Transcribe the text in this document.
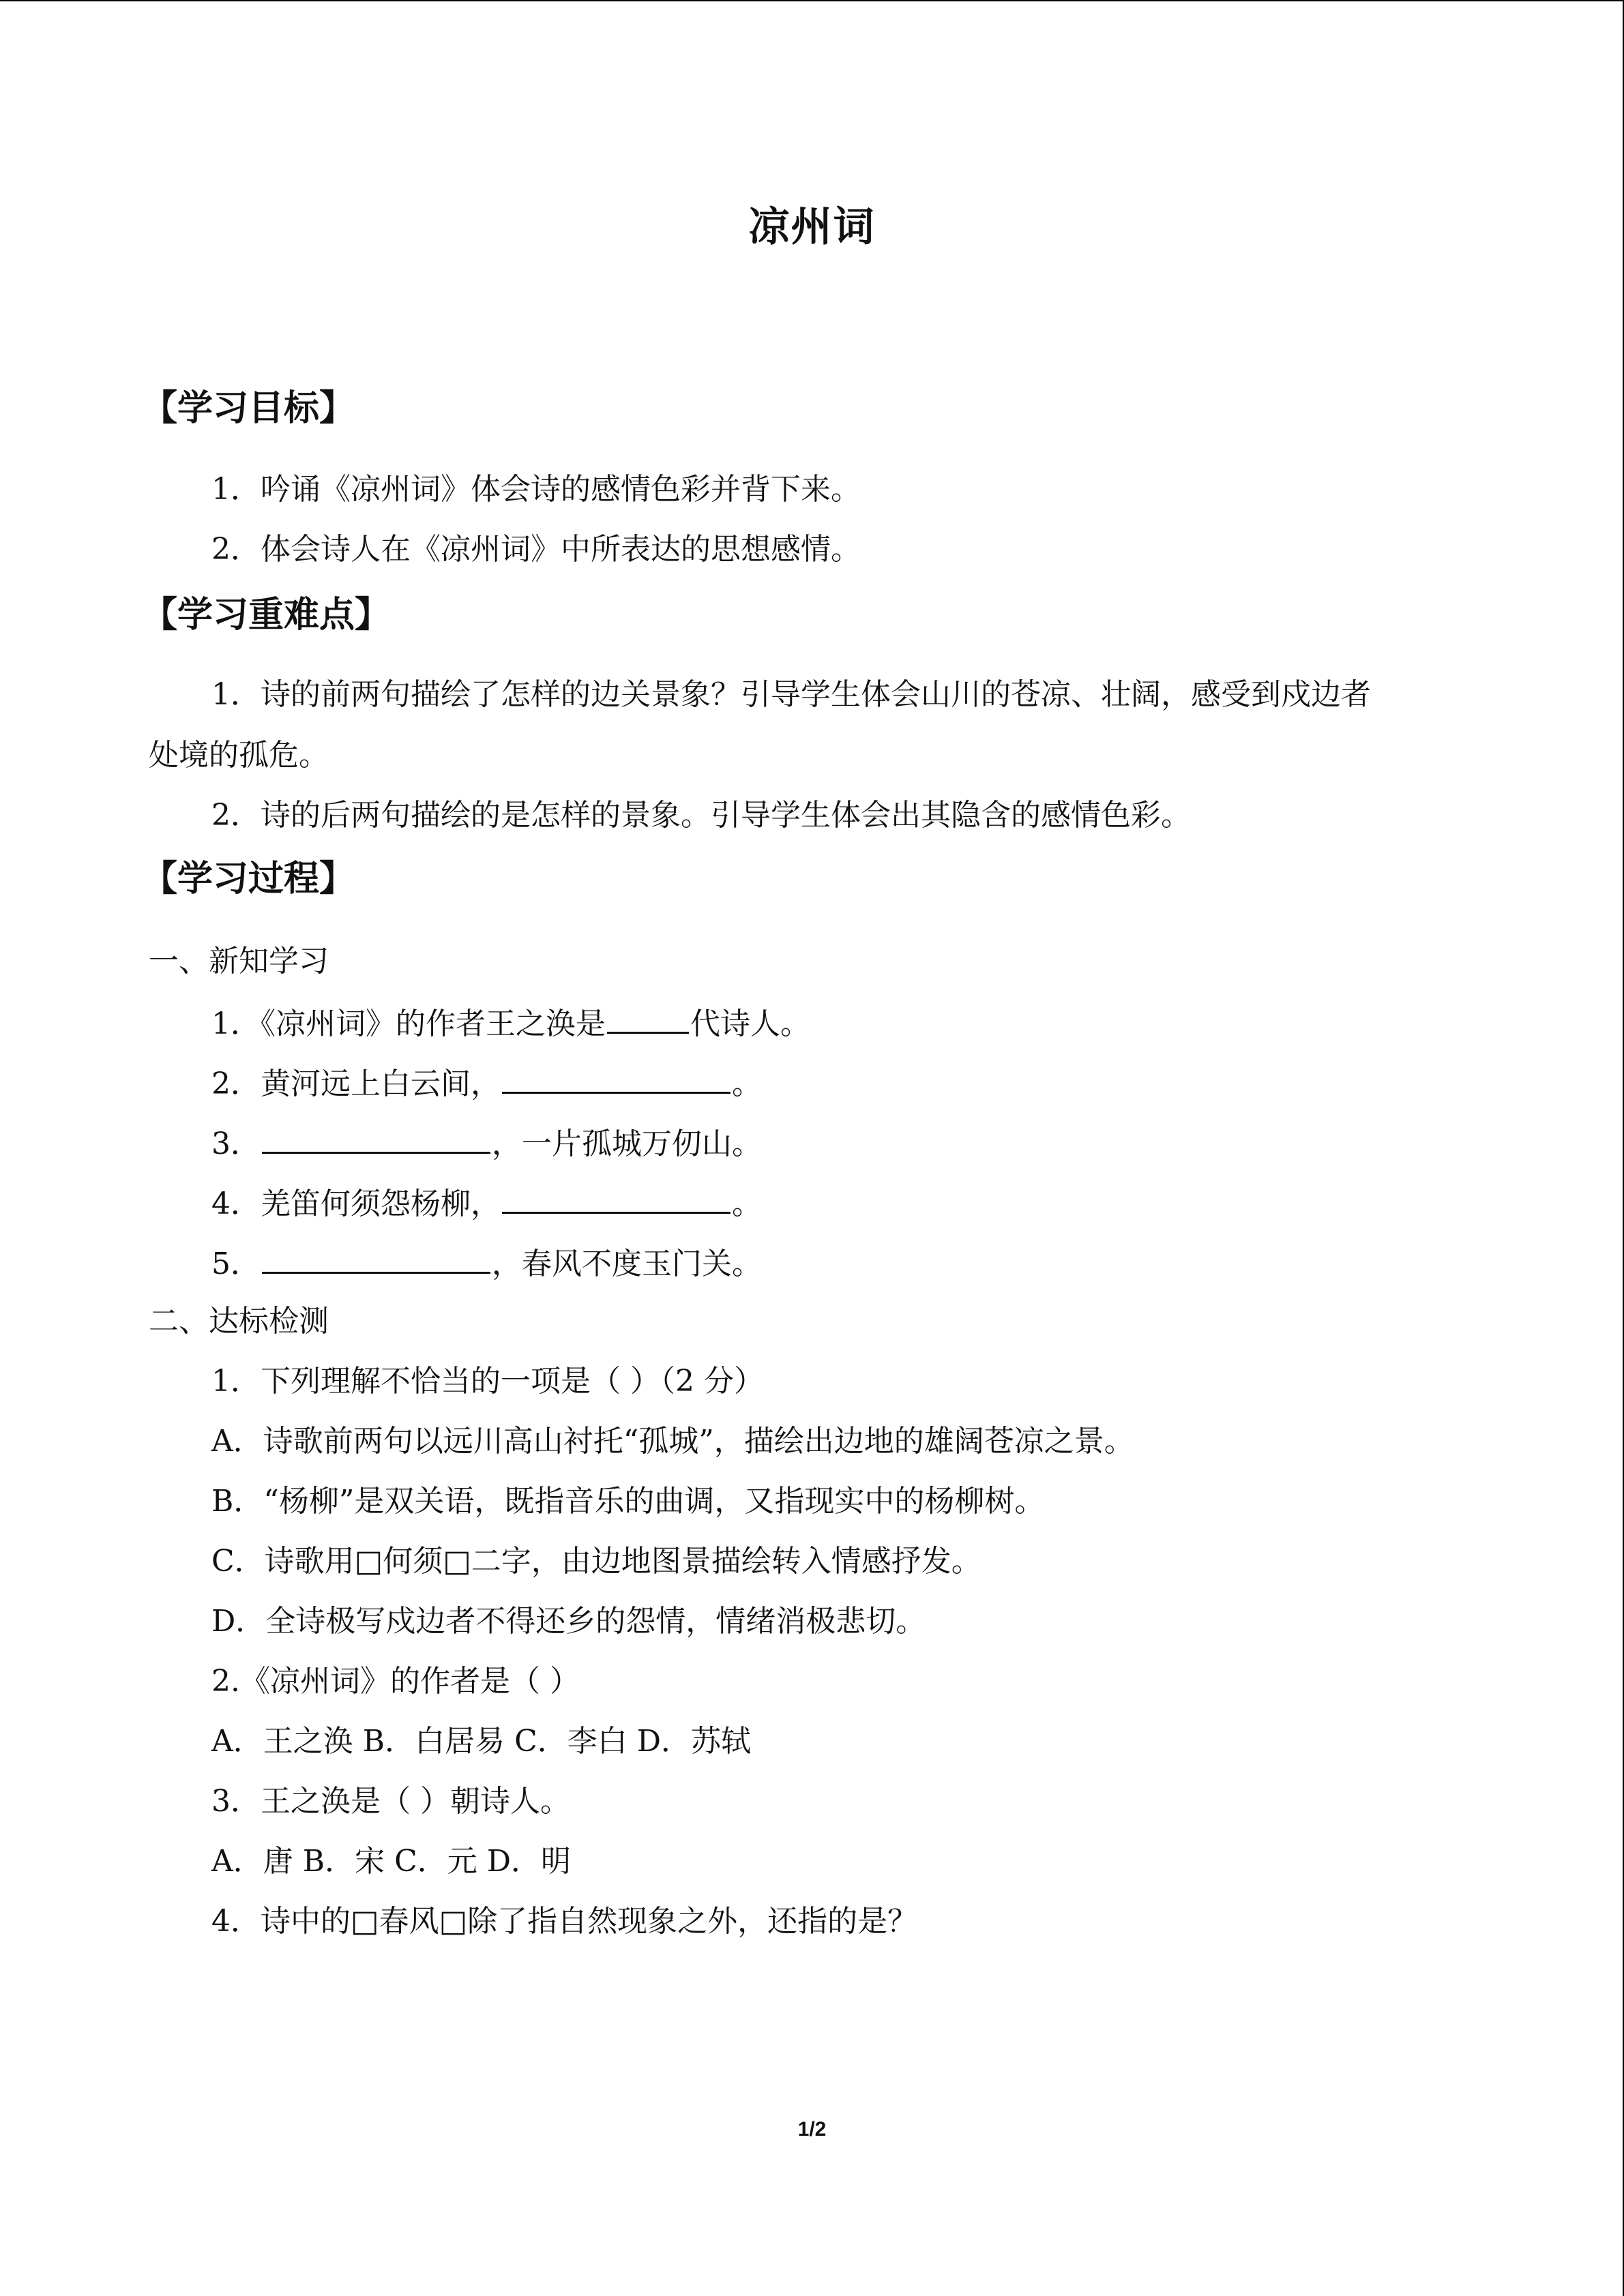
凉州词
【学习目标】

1．吟诵《凉州词》体会诗的感情色彩并背下来。

2．体会诗人在《凉州词》中所表达的思想感情。

【学习重难点】

1．诗的前两句描绘了怎样的边关景象？引导学生体会山川的苍凉、壮阔，感受到戍边者

处境的孤危。

2．诗的后两句描绘的是怎样的景象。引导学生体会出其隐含的感情色彩。

【学习过程】

一、新知学习

1．《凉州词》的作者王之涣是	代诗人。

2．黄河远上白云间，	。

3．	，一片孤城万仞山。

4．羌笛何须怨杨柳，	。

5．	，春风不度玉门关。

二、达标检测

1．下列理解不恰当的一项是（ ）（2 分）

A．诗歌前两句以远川高山衬托“孤城”，描绘出边地的雄阔苍凉之景。

B．“杨柳”是双关语，既指音乐的曲调，又指现实中的杨柳树。

C．诗歌用□何须□二字，由边地图景描绘转入情感抒发。

D．全诗极写戍边者不得还乡的怨情，情绪消极悲切。

2.《凉州词》的作者是（ ）

A．王之涣 B．白居易 C．李白 D．苏轼

3．王之涣是（ ）朝诗人。

A．唐 B．宋 C．元 D．明

4．诗中的□春风□除了指自然现象之外，还指的是？

1/2
